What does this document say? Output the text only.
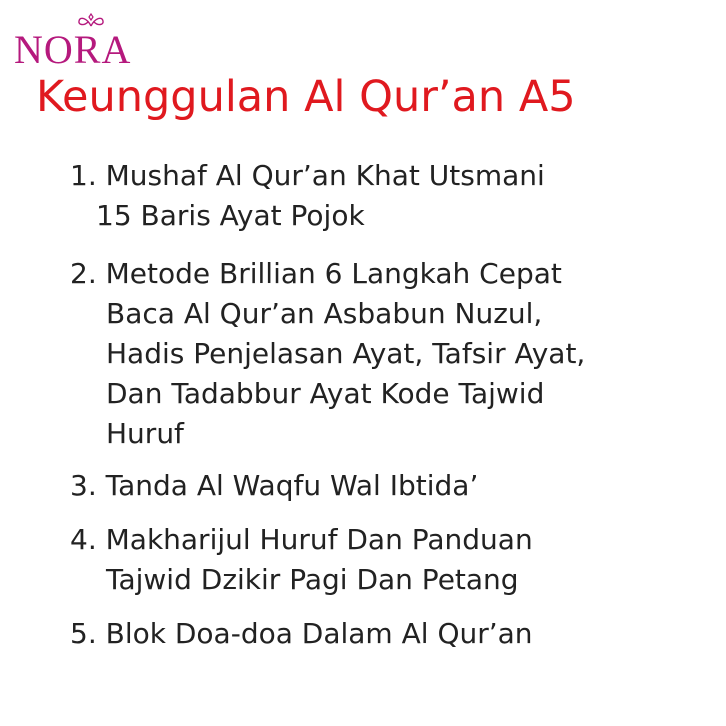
NORA
Keunggulan Al Qur’an A5
1. Mushaf Al Qur’an Khat Utsmani
15 Baris Ayat Pojok
2. Metode Brillian 6 Langkah Cepat
Baca Al Qur’an Asbabun Nuzul,
Hadis Penjelasan Ayat, Tafsir Ayat,
Dan Tadabbur Ayat Kode Tajwid
Huruf
3. Tanda Al Waqfu Wal Ibtida’
4. Makharijul Huruf Dan Panduan
Tajwid Dzikir Pagi Dan Petang
5. Blok Doa-doa Dalam Al Qur’an
